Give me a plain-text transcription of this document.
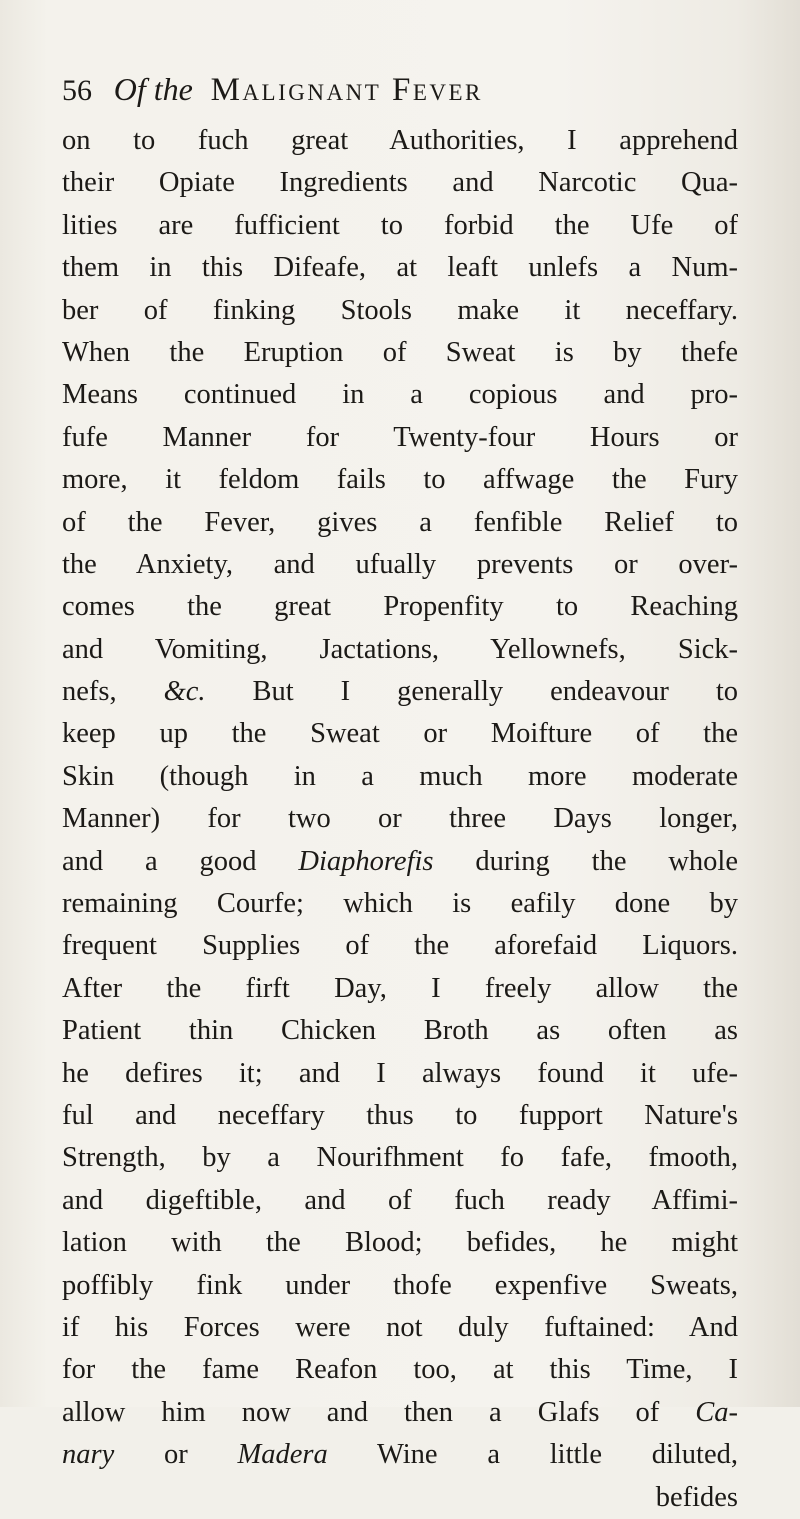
56 Of the Malignant Fever
on to fuch great Authorities, I apprehend
their Opiate Ingredients and Narcotic Qua-
lities are fufficient to forbid the Ufe of
them in this Difeafe, at leaft unlefs a Num-
ber of finking Stools make it neceffary.
When the Eruption of Sweat is by thefe
Means continued in a copious and pro-
fufe Manner for Twenty-four Hours or
more, it feldom fails to affwage the Fury
of the Fever, gives a fenfible Relief to
the Anxiety, and ufually prevents or over-
comes the great Propenfity to Reaching
and Vomiting, Jactations, Yellownefs, Sick-
nefs, &c. But I generally endeavour to
keep up the Sweat or Moifture of the
Skin (though in a much more moderate
Manner) for two or three Days longer,
and a good Diaphorefis during the whole
remaining Courfe; which is eafily done by
frequent Supplies of the aforefaid Liquors.
After the firft Day, I freely allow the
Patient thin Chicken Broth as often as
he defires it; and I always found it ufe-
ful and neceffary thus to fupport Nature's
Strength, by a Nourifhment fo fafe, fmooth,
and digeftible, and of fuch ready Affimi-
lation with the Blood; befides, he might
poffibly fink under thofe expenfive Sweats,
if his Forces were not duly fuftained: And
for the fame Reafon too, at this Time, I
allow him now and then a Glafs of Ca-
nary or Madera Wine a little diluted,
befides
